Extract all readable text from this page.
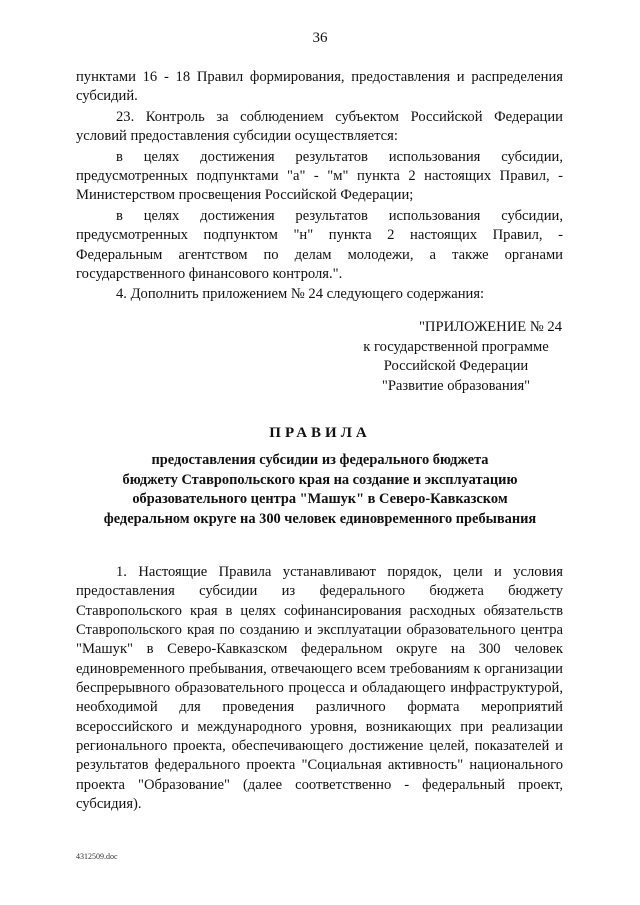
36

пунктами 16 - 18 Правил формирования, предоставления и распределения субсидий.

23. Контроль за соблюдением субъектом Российской Федерации условий предоставления субсидии осуществляется:

в целях достижения результатов использования субсидии, предусмотренных подпунктами "а" - "м" пункта 2 настоящих Правил, - Министерством просвещения Российской Федерации;

в целях достижения результатов использования субсидии, предусмотренных подпунктом "н" пункта 2 настоящих Правил, - Федеральным агентством по делам молодежи, а также органами государственного финансового контроля.".

4. Дополнить приложением № 24 следующего содержания:

"ПРИЛОЖЕНИЕ № 24
к государственной программе
Российской Федерации
"Развитие образования"
ПРАВИЛА
предоставления субсидии из федерального бюджета
бюджету Ставропольского края на создание и эксплуатацию
образовательного центра "Машук" в Северо-Кавказском
федеральном округе на 300 человек единовременного пребывания

1. Настоящие Правила устанавливают порядок, цели и условия предоставления субсидии из федерального бюджета бюджету Ставропольского края в целях софинансирования расходных обязательств Ставропольского края по созданию и эксплуатации образовательного центра "Машук" в Северо-Кавказском федеральном округе на 300 человек единовременного пребывания, отвечающего всем требованиям к организации беспрерывного образовательного процесса и обладающего инфраструктурой, необходимой для проведения различного формата мероприятий всероссийского и международного уровня, возникающих при реализации регионального проекта, обеспечивающего достижение целей, показателей и результатов федерального проекта "Социальная активность" национального проекта "Образование" (далее соответственно - федеральный проект, субсидия).

4312509.doc
